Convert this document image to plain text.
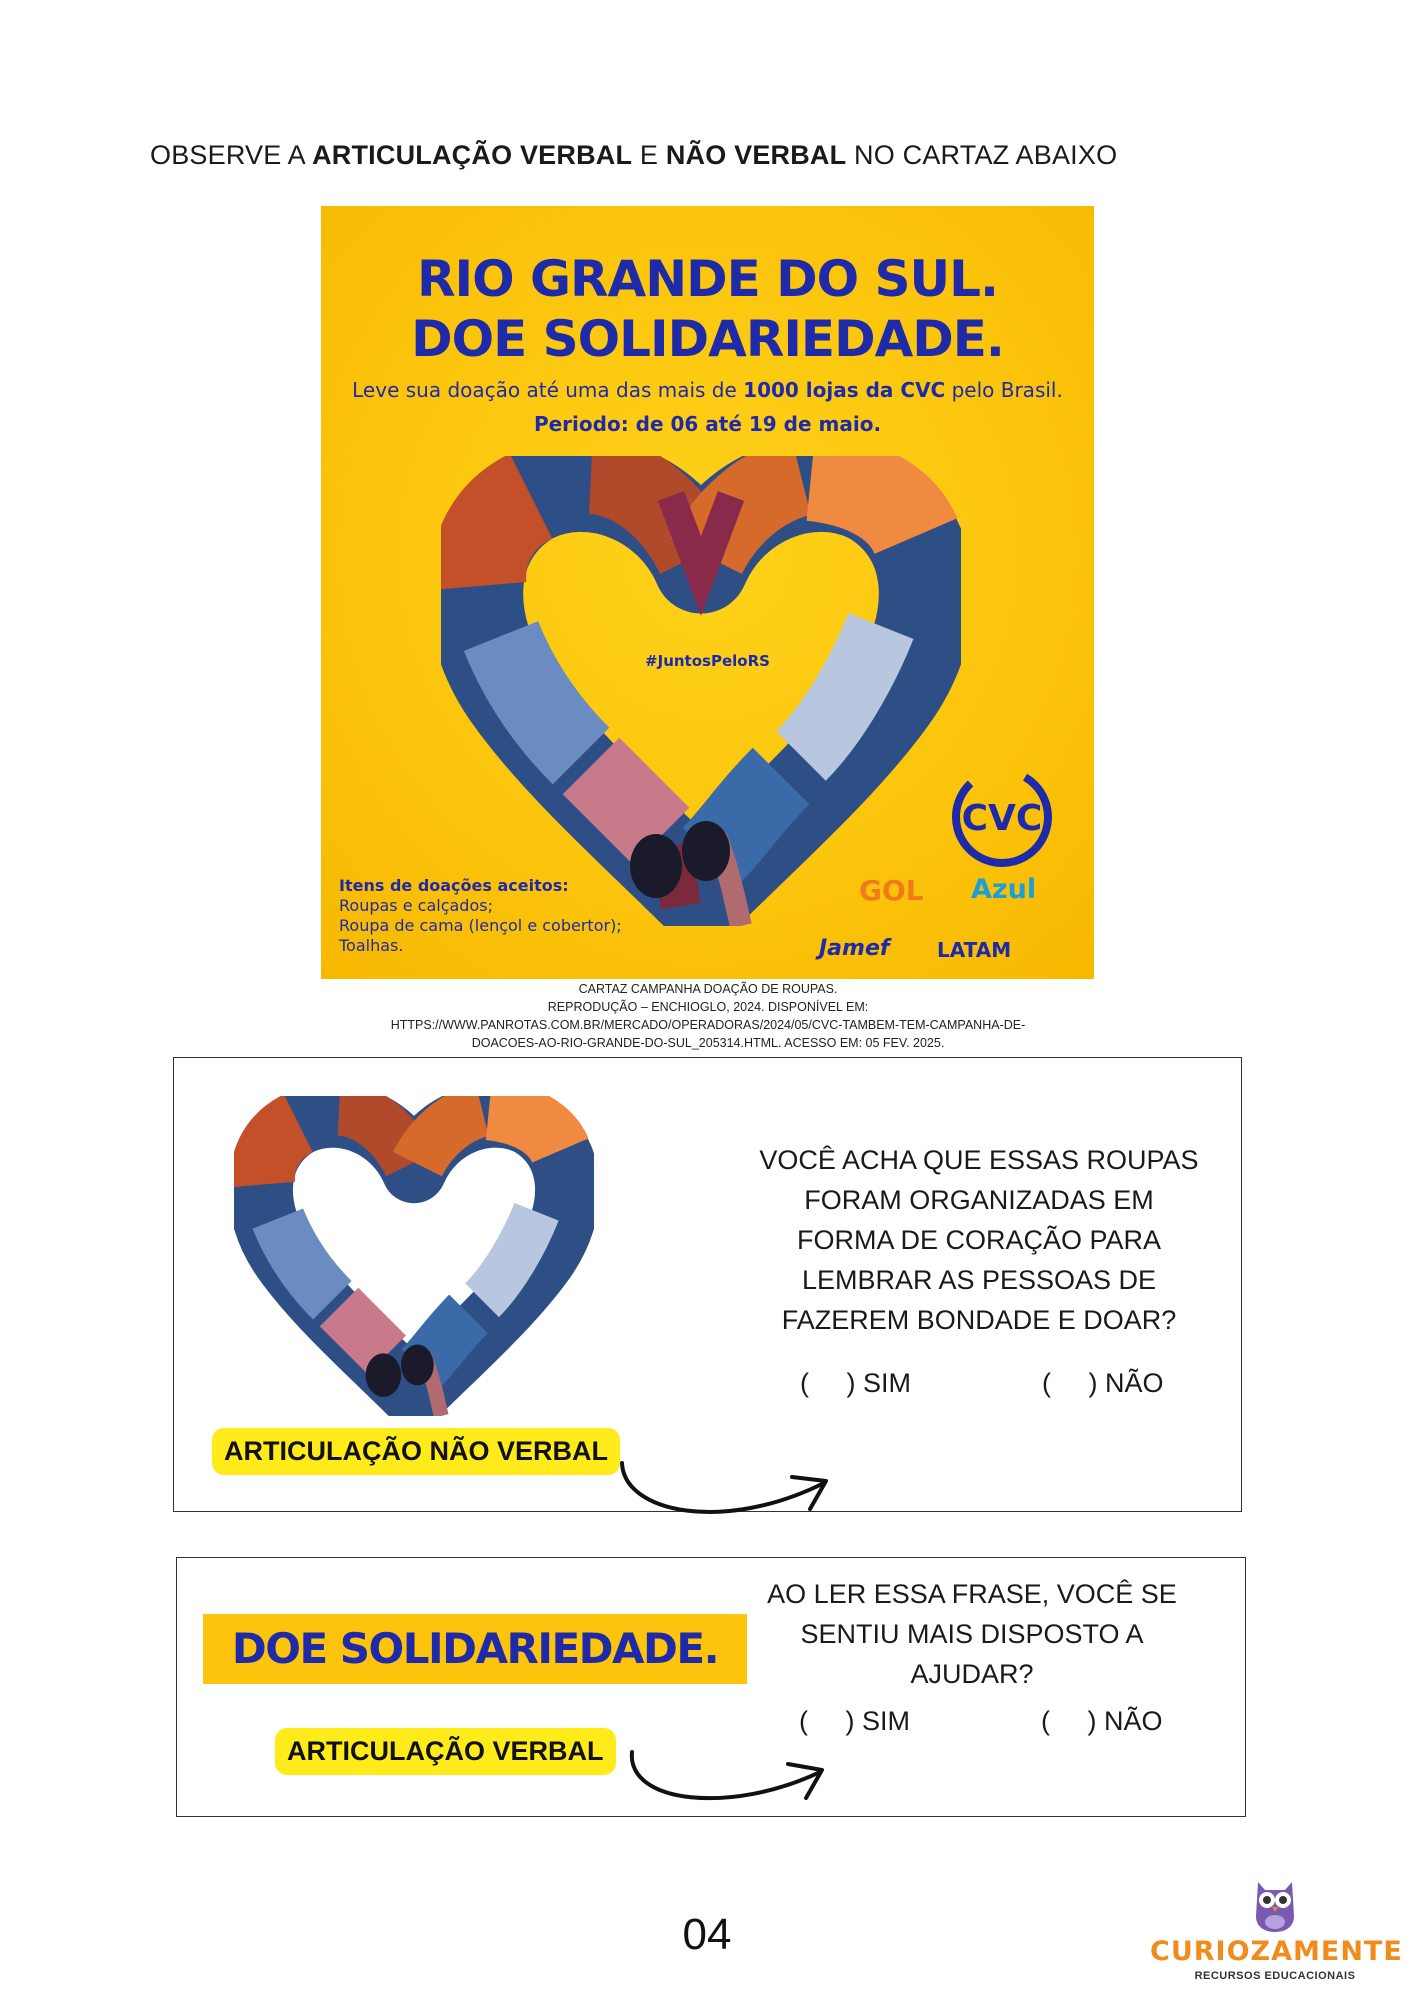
OBSERVE A ARTICULAÇÃO VERBAL E NÃO VERBAL NO CARTAZ ABAIXO
RIO GRANDE DO SUL.
DOE SOLIDARIEDADE.
Leve sua doação até uma das mais de 1000 lojas da CVC pelo Brasil.
Periodo: de 06 até 19 de maio.
#JuntosPeloRS
CVC
GOL Azul
Jamef LATAM
Itens de doações aceitos:
Roupas e calçados;
Roupa de cama (lençol e cobertor);
Toalhas.
CARTAZ CAMPANHA DOAÇÃO DE ROUPAS.
REPRODUÇÃO – ENCHIOGLO, 2024. DISPONÍVEL EM:
HTTPS://WWW.PANROTAS.COM.BR/MERCADO/OPERADORAS/2024/05/CVC-TAMBEM-TEM-CAMPANHA-DE-
DOACOES-AO-RIO-GRANDE-DO-SUL_205314.HTML. ACESSO EM: 05 FEV. 2025.
VOCÊ ACHA QUE ESSAS ROUPAS
FORAM ORGANIZADAS EM
FORMA DE CORAÇÃO PARA
LEMBRAR AS PESSOAS DE
FAZEREM BONDADE E DOAR?
(     ) SIM	(     ) NÃO
ARTICULAÇÃO NÃO VERBAL
DOE SOLIDARIEDADE.
AO LER ESSA FRASE, VOCÊ SE
SENTIU MAIS DISPOSTO A
AJUDAR?
(     ) SIM	(     ) NÃO
ARTICULAÇÃO VERBAL
04	CURIOZAMENTE
RECURSOS EDUCACIONAIS
